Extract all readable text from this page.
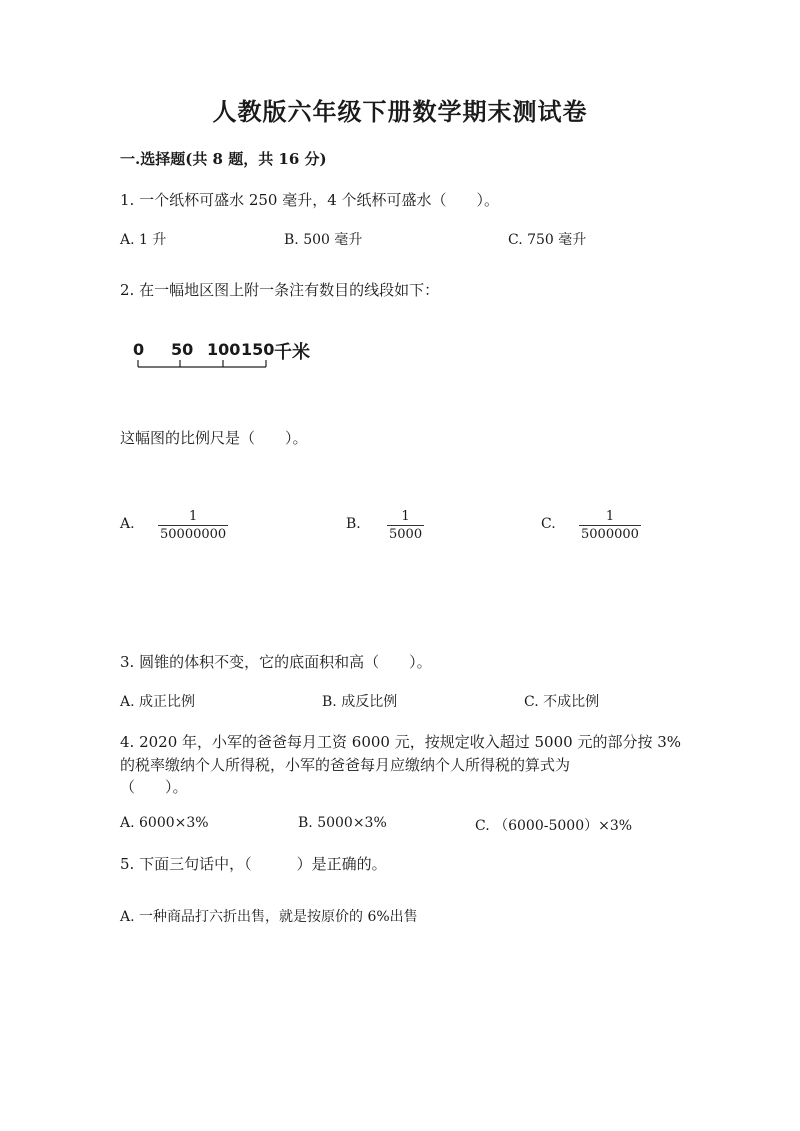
人教版六年级下册数学期末测试卷
一.选择题(共 8 题，共 16 分)
1. 一个纸杯可盛水 250 毫升，4 个纸杯可盛水（　　）。
A. 1 升	B. 500 毫升	C. 750 毫升
2. 在一幅地区图上附一条注有数目的线段如下：
0 50 100 150 千米
这幅图的比例尺是（　　）。
A. $\frac{1}{50000000}$	B. $\frac{1}{5000}$	C. $\frac{1}{5000000}$
3. 圆锥的体积不变，它的底面积和高（　　）。
A. 成正比例	B. 成反比例	C. 不成比例
4. 2020 年，小军的爸爸每月工资 6000 元，按规定收入超过 5000 元的部分按 3%
的税率缴纳个人所得税，小军的爸爸每月应缴纳个人所得税的算式为
（　　）。
A. 6000×3%	B. 5000×3%	C. （6000-5000）×3%
5. 下面三句话中，（　　　）是正确的。
A. 一种商品打六折出售，就是按原价的 6%出售
